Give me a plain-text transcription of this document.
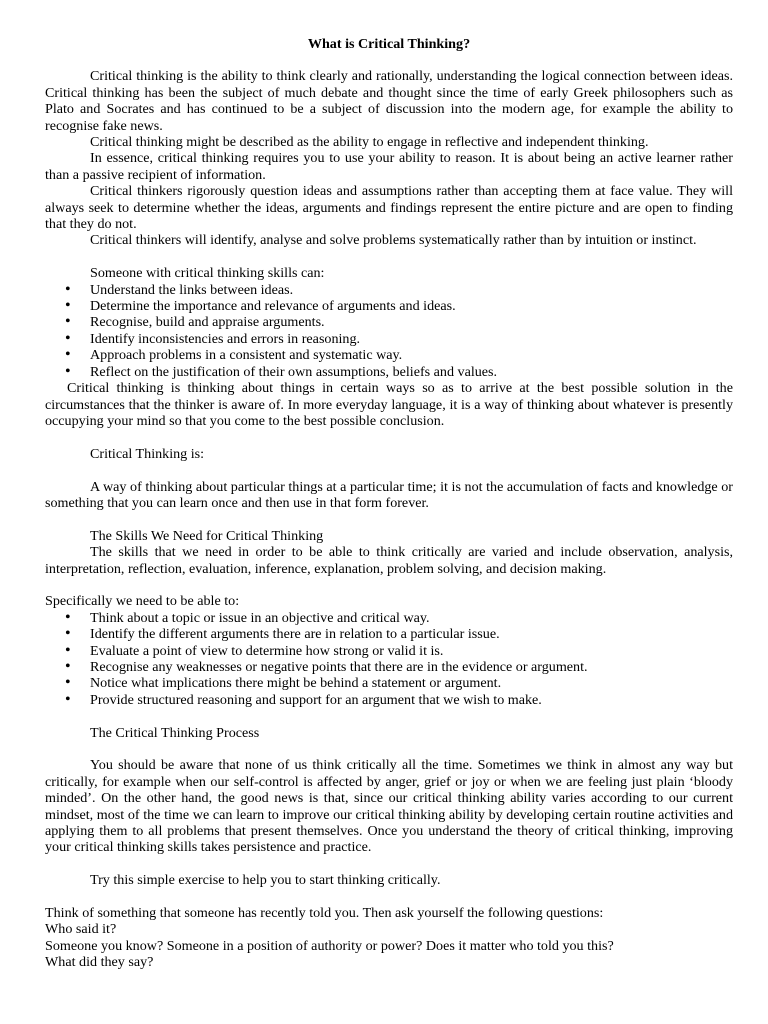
What is Critical Thinking?

Critical thinking is the ability to think clearly and rationally, understanding the logical connection between ideas. Critical thinking has been the subject of much debate and thought since the time of early Greek philosophers such as Plato and Socrates and has continued to be a subject of discussion into the modern age, for example the ability to recognise fake news.

Critical thinking might be described as the ability to engage in reflective and independent thinking.

In essence, critical thinking requires you to use your ability to reason. It is about being an active learner rather than a passive recipient of information.

Critical thinkers rigorously question ideas and assumptions rather than accepting them at face value. They will always seek to determine whether the ideas, arguments and findings represent the entire picture and are open to finding that they do not.

Critical thinkers will identify, analyse and solve problems systematically rather than by intuition or instinct.

Someone with critical thinking skills can:

• Understand the links between ideas.
• Determine the importance and relevance of arguments and ideas.
• Recognise, build and appraise arguments.
• Identify inconsistencies and errors in reasoning.
• Approach problems in a consistent and systematic way.
• Reflect on the justification of their own assumptions, beliefs and values.

Critical thinking is thinking about things in certain ways so as to arrive at the best possible solution in the circumstances that the thinker is aware of. In more everyday language, it is a way of thinking about whatever is presently occupying your mind so that you come to the best possible conclusion.

Critical Thinking is:

A way of thinking about particular things at a particular time; it is not the accumulation of facts and knowledge or something that you can learn once and then use in that form forever.

The Skills We Need for Critical Thinking

The skills that we need in order to be able to think critically are varied and include observation, analysis, interpretation, reflection, evaluation, inference, explanation, problem solving, and decision making.

Specifically we need to be able to:

• Think about a topic or issue in an objective and critical way.
• Identify the different arguments there are in relation to a particular issue.
• Evaluate a point of view to determine how strong or valid it is.
• Recognise any weaknesses or negative points that there are in the evidence or argument.
• Notice what implications there might be behind a statement or argument.
• Provide structured reasoning and support for an argument that we wish to make.

The Critical Thinking Process

You should be aware that none of us think critically all the time. Sometimes we think in almost any way but critically, for example when our self-control is affected by anger, grief or joy or when we are feeling just plain ‘bloody minded’. On the other hand, the good news is that, since our critical thinking ability varies according to our current mindset, most of the time we can learn to improve our critical thinking ability by developing certain routine activities and applying them to all problems that present themselves. Once you understand the theory of critical thinking, improving your critical thinking skills takes persistence and practice.

Try this simple exercise to help you to start thinking critically.

Think of something that someone has recently told you. Then ask yourself the following questions:

Who said it?

Someone you know? Someone in a position of authority or power? Does it matter who told you this?

What did they say?
